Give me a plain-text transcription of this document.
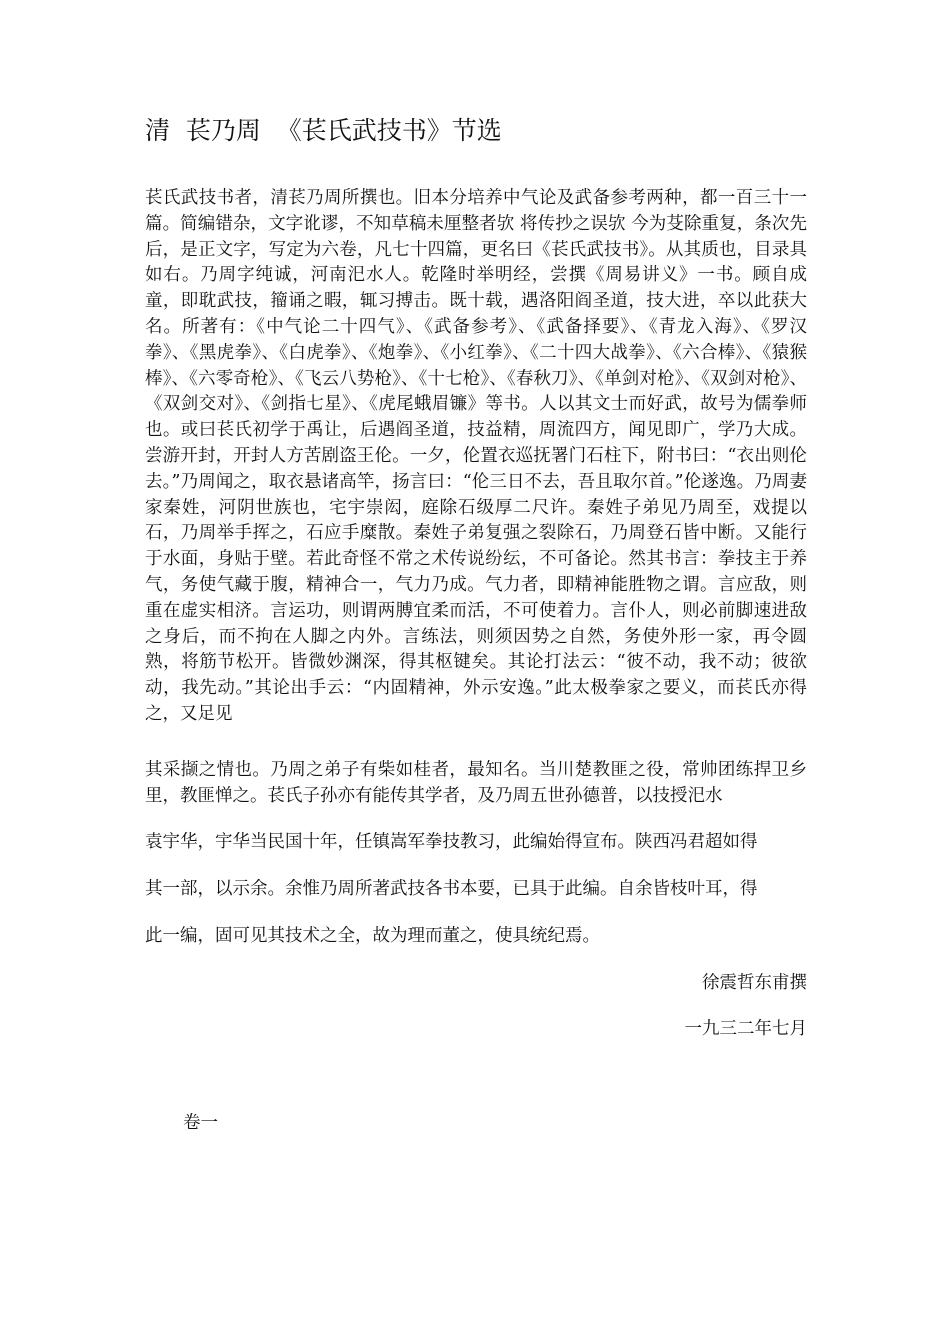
清  苌乃周  《苌氏武技书》节选

苌氏武技书者，清苌乃周所撰也。旧本分培养中气论及武备参考两种，都一百三十一篇。简编错杂，文字讹谬，不知草稿未厘整者欤 将传抄之误欤 今为芟除重复，条次先后，是正文字，写定为六卷，凡七十四篇，更名曰《苌氏武技书》。从其质也，目录具如右。乃周字纯诚，河南汜水人。乾隆时举明经，尝撰《周易讲义》一书。顾自成童，即耽武技，籀诵之暇，辄习搏击。既十载，遇洛阳阎圣道，技大进，卒以此获大名。所著有：《中气论二十四气》、《武备参考》、《武备择要》、《青龙入海》、《罗汉拳》、《黑虎拳》、《白虎拳》、《炮拳》、《小红拳》、《二十四大战拳》、《六合棒》、《猿猴棒》、《六零奇枪》、《飞云八势枪》、《十七枪》、《春秋刀》、《单剑对枪》、《双剑对枪》、《双剑交对》、《剑指七星》、《虎尾蛾眉镰》等书。人以其文士而好武，故号为儒拳师也。或曰苌氏初学于禹让，后遇阎圣道，技益精，周流四方，闻见即广，学乃大成。尝游开封，开封人方苦剧盗王伦。一夕，伦置衣巡抚署门石柱下，附书曰：“衣出则伦去。”乃周闻之，取衣悬诸高竿，扬言曰：“伦三日不去，吾且取尔首。”伦遂逸。乃周妻家秦姓，河阴世族也，宅宇崇闳，庭除石级厚二尺许。秦姓子弟见乃周至，戏提以石，乃周举手挥之，石应手糜散。秦姓子弟复强之裂除石，乃周登石皆中断。又能行于水面，身贴于壁。若此奇怪不常之术传说纷纭，不可备论。然其书言：拳技主于养气，务使气藏于腹，精神合一，气力乃成。气力者，即精神能胜物之谓。言应敌，则重在虚实相济。言运功，则谓两膊宜柔而活，不可使着力。言仆人，则必前脚速进敌之身后，而不拘在人脚之内外。言练法，则须因势之自然，务使外形一家，再令圆熟，将筋节松开。皆微妙渊深，得其枢键矣。其论打法云：“彼不动，我不动；彼欲动，我先动。”其论出手云：“内固精神，外示安逸。”此太极拳家之要义，而苌氏亦得之，又足见

其采撷之情也。乃周之弟子有柴如桂者，最知名。当川楚教匪之役，常帅团练捍卫乡里，教匪惮之。苌氏子孙亦有能传其学者，及乃周五世孙德普，以技授汜水

袁宇华，宇华当民国十年，任镇嵩军拳技教习，此编始得宣布。陕西冯君超如得

其一部，以示余。余惟乃周所著武技各书本要，已具于此编。自余皆枝叶耳，得

此一编，固可见其技术之全，故为理而董之，使具统纪焉。

徐震哲东甫撰
一九三二年七月
卷一
